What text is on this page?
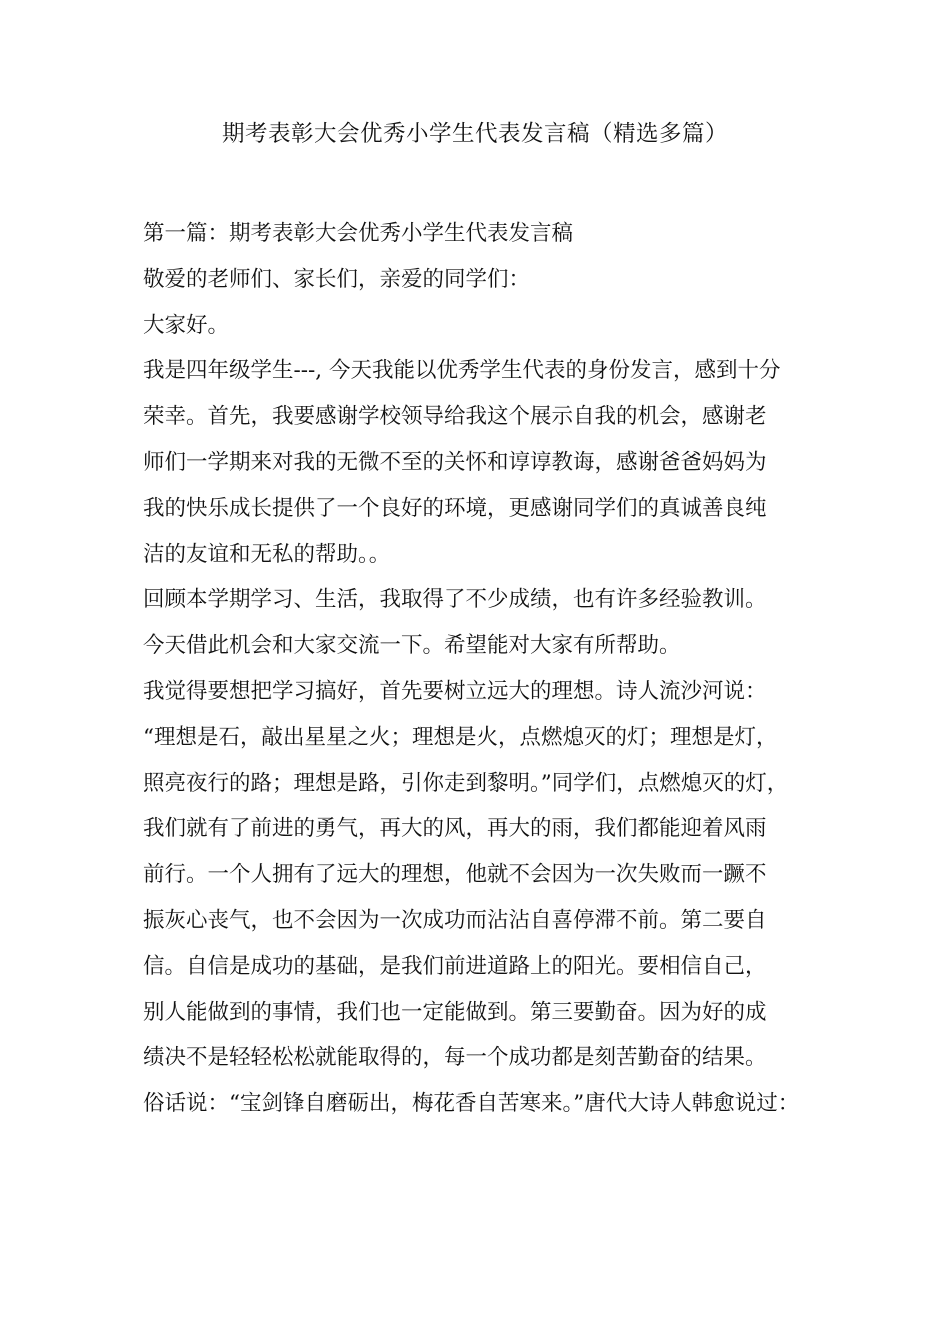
期考表彰大会优秀小学生代表发言稿（精选多篇）
第一篇：期考表彰大会优秀小学生代表发言稿
敬爱的老师们、家长们，亲爱的同学们：
大家好。
我是四年级学生---, 今天我能以优秀学生代表的身份发言，感到十分
荣幸。首先，我要感谢学校领导给我这个展示自我的机会，感谢老
师们一学期来对我的无微不至的关怀和谆谆教诲，感谢爸爸妈妈为
我的快乐成长提供了一个良好的环境，更感谢同学们的真诚善良纯
洁的友谊和无私的帮助。。
回顾本学期学习、生活，我取得了不少成绩，也有许多经验教训。
今天借此机会和大家交流一下。希望能对大家有所帮助。
我觉得要想把学习搞好，首先要树立远大的理想。诗人流沙河说：
“理想是石，敲出星星之火；理想是火，点燃熄灭的灯；理想是灯，
照亮夜行的路；理想是路，引你走到黎明。”同学们，点燃熄灭的灯，
我们就有了前进的勇气，再大的风，再大的雨，我们都能迎着风雨
前行。一个人拥有了远大的理想，他就不会因为一次失败而一蹶不
振灰心丧气，也不会因为一次成功而沾沾自喜停滞不前。第二要自
信。自信是成功的基础，是我们前进道路上的阳光。要相信自己，
别人能做到的事情，我们也一定能做到。第三要勤奋。因为好的成
绩决不是轻轻松松就能取得的，每一个成功都是刻苦勤奋的结果。
俗话说：“宝剑锋自磨砺出，梅花香自苦寒来。”唐代大诗人韩愈说过：
